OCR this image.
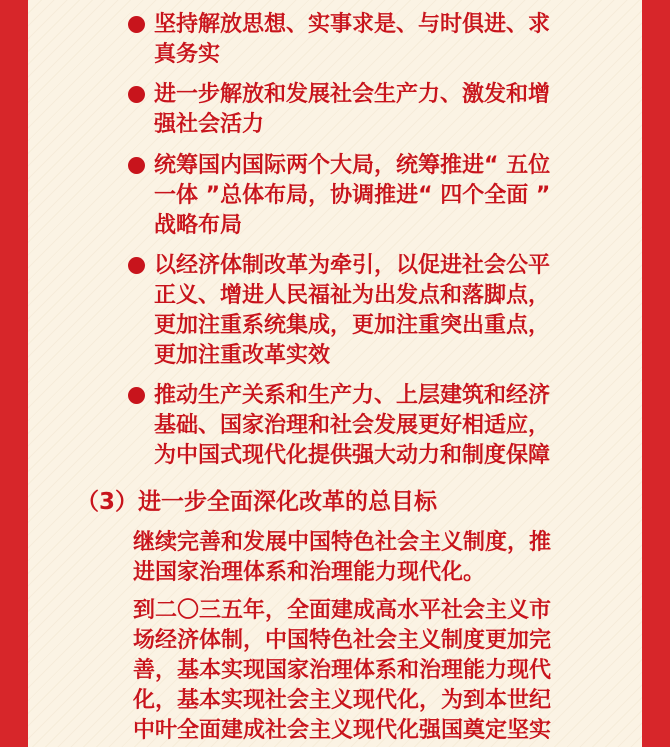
坚持解放思想、实事求是、与时俱进、求
真务实
进一步解放和发展社会生产力、激发和增
强社会活力
统筹国内国际两个大局，统筹推进“ 五位
一体 ”总体布局，协调推进“ 四个全面 ”
战略布局
以经济体制改革为牵引，以促进社会公平
正义、增进人民福祉为出发点和落脚点，
更加注重系统集成，更加注重突出重点，
更加注重改革实效
推动生产关系和生产力、上层建筑和经济
基础、国家治理和社会发展更好相适应，
为中国式现代化提供强大动力和制度保障
（3）进一步全面深化改革的总目标
继续完善和发展中国特色社会主义制度，推
进国家治理体系和治理能力现代化。
到二〇三五年，全面建成高水平社会主义市
场经济体制，中国特色社会主义制度更加完
善，基本实现国家治理体系和治理能力现代
化，基本实现社会主义现代化，为到本世纪
中叶全面建成社会主义现代化强国奠定坚实
